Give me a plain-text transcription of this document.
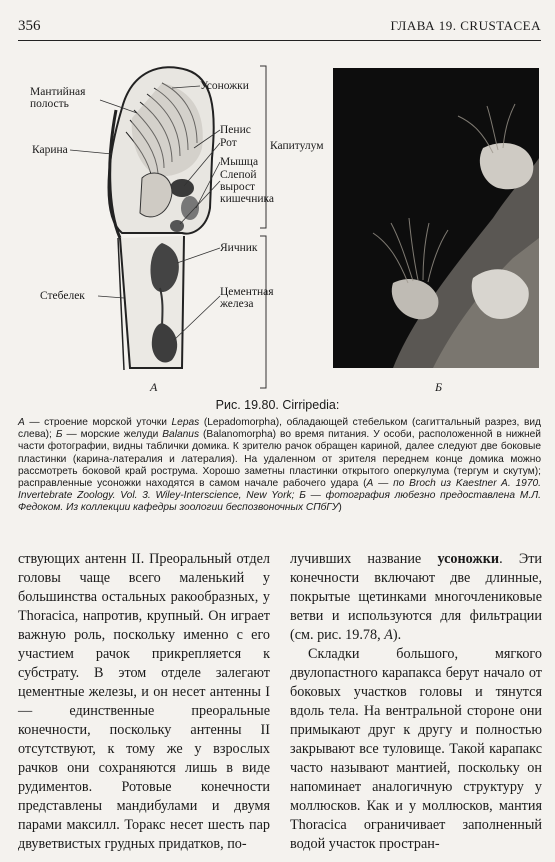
356	ГЛАВА 19. CRUSTACEA
Мантийная полость
Усоножки
Пенис
Рот	Капитулум
Карина
Мышца
Слепой вырост кишечника
Яичник
Стебелек	Цементная железа
A	Б
Рис. 19.80. Cirripedia:

А — строение морской уточки Lepas (Lepadomorpha), обладающей стебельком (сагиттальный разрез, вид слева); Б — морские желуди Balanus (Balanomorpha) во время питания. У особи, расположенной в нижней части фотографии, видны таблички домика. К зрителю рачок обращен кариной, далее следуют две боковые пластинки (карина-латералия и латералия). На удаленном от зрителя переднем конце домика можно рассмотреть боковой край рострума. Хорошо заметны пластинки открытого оперкулума (тергум и скутум); расправленные усоножки находятся в самом начале рабочего удара (А — по Broch из Kaestner A. 1970. Invertebrate Zoology. Vol. 3. Wiley-Interscience, New York; Б — фотография любезно предоставлена М.Л. Федоком. Из коллекции кафедры зоологии беспозвоночных СПбГУ)

ствующих антенн II. Преоральный отдел головы чаще всего маленький у большинства остальных ракообразных, у Thoracica, напротив, крупный. Он играет важную роль, поскольку именно с его участием рачок прикрепляется к субстрату. В этом отделе залегают цементные железы, и он несет антенны I — единственные преоральные конечности, поскольку антенны II отсутствуют, к тому же у взрослых рачков они сохраняются лишь в виде рудиментов. Ротовые конечности представлены мандибулами и двумя парами максилл. Торакс несет шесть пар двуветвистых грудных придатков, по-

лучивших название усоножки. Эти конечности включают две длинные, покрытые щетинками многочлениковые ветви и используются для фильтрации (см. рис. 19.78, А).

Складки большого, мягкого двулопастного карапакса берут начало от боковых участков головы и тянутся вдоль тела. На вентральной стороне они примыкают друг к другу и полностью закрывают все туловище. Такой карапакс часто называют мантией, поскольку он напоминает аналогичную структуру у моллюсков. Как и у моллюсков, мантия Thoracica ограничивает заполненный водой участок простран-
